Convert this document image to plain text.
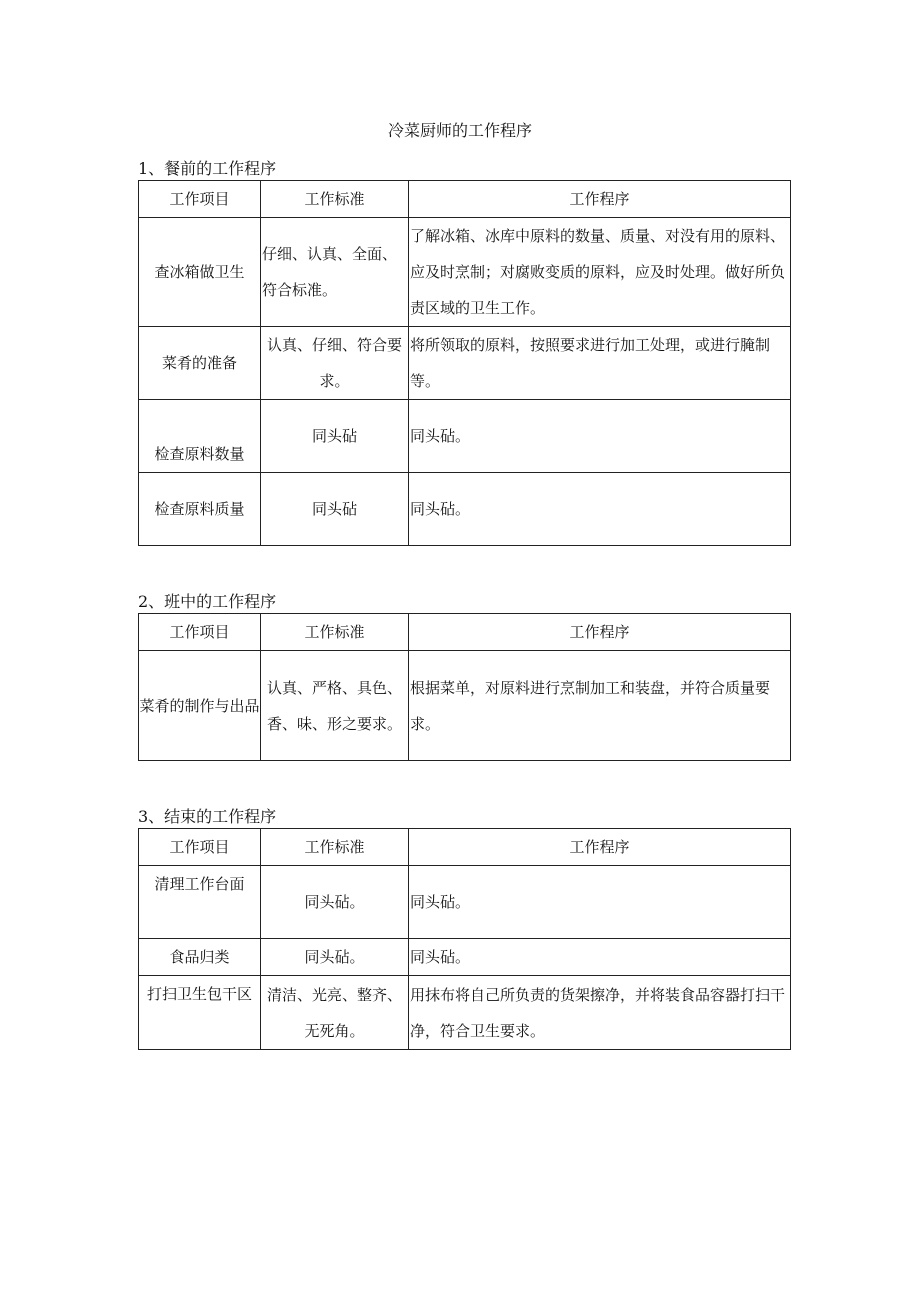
冷菜厨师的工作程序
1、餐前的工作程序
工作项目	工作标准	工作程序
查冰箱做卫生	仔细、认真、全面、符合标准。	了解冰箱、冰库中原料的数量、质量、对没有用的原料、应及时烹制；对腐败变质的原料，应及时处理。做好所负责区域的卫生工作。
菜肴的准备	认真、仔细、符合要求。	将所领取的原料，按照要求进行加工处理，或进行腌制等。
检查原料数量	同头砧	同头砧。
检查原料质量	同头砧	同头砧。
2、班中的工作程序
工作项目	工作标准	工作程序
菜肴的制作与出品	认真、严格、具色、香、味、形之要求。	根据菜单，对原料进行烹制加工和装盘，并符合质量要求。
3、结束的工作程序
工作项目	工作标准	工作程序
清理工作台面	同头砧。	同头砧。
食品归类	同头砧。	同头砧。
打扫卫生包干区	清洁、光亮、整齐、无死角。	用抹布将自己所负责的货架擦净，并将装食品容器打扫干净，符合卫生要求。
